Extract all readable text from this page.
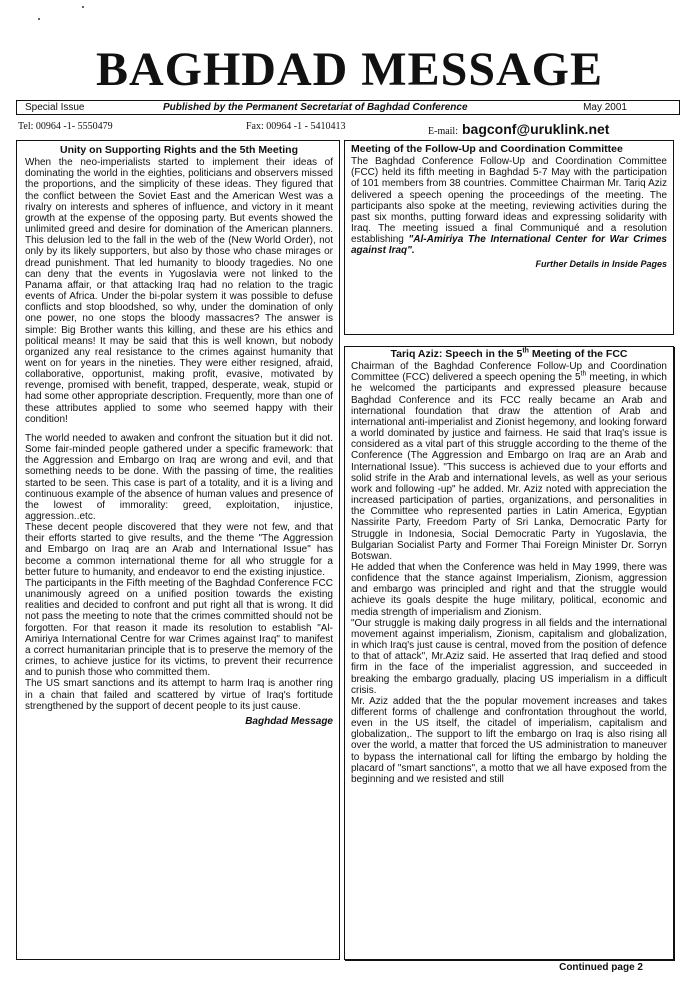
BAGHDAD MESSAGE
Special Issue	Published by the Permanent Secretariat of Baghdad Conference	May 2001
Tel: 00964 -1- 5550479	Fax: 00964 -1 - 5410413	E-mail: bagconf@uruklink.net
Unity on Supporting Rights and the 5th Meeting

When the neo-imperialists started to implement their ideas of dominating the world in the eighties, politicians and observers missed the proportions, and the simplicity of these ideas. They figured that the conflict between the Soviet East and the American West was a rivalry on interests and spheres of influence, and victory in it meant growth at the expense of the opposing party. But events showed the unlimited greed and desire for domination of the American planners. This delusion led to the fall in the web of the (New World Order), not only by its likely supporters, but also by those who chase mirages or dread punishment. That led humanity to bloody tragedies. No one can deny that the events in Yugoslavia were not linked to the Panama affair, or that attacking Iraq had no relation to the tragic events of Africa. Under the bi-polar system it was possible to defuse conflicts and stop bloodshed, so why, under the domination of only one power, no one stops the bloody massacres? The answer is simple: Big Brother wants this killing, and these are his ethics and political means! It may be said that this is well known, but nobody organized any real resistance to the crimes against humanity that went on for years in the nineties. They were either resigned, afraid, collaborative, opportunist, making profit, evasive, motivated by revenge, promised with benefit, trapped, desperate, weak, stupid or had some other appropriate description. Frequently, more than one of these attributes applied to some who seemed happy with their condition!

The world needed to awaken and confront the situation but it did not. Some fair-minded people gathered under a specific framework: that the Aggression and Embargo on Iraq are wrong and evil, and that something needs to be done. With the passing of time, the realities started to be seen. This case is part of a totality, and it is a living and continuous example of the absence of human values and presence of the lowest of immorality: greed, exploitation, injustice, aggression..etc.

These decent people discovered that they were not few, and that their efforts started to give results, and the theme "The Aggression and Embargo on Iraq are an Arab and International Issue" has become a common international theme for all who struggle for a better future to humanity, and endeavor to end the existing injustice.

The participants in the Fifth meeting of the Baghdad Conference FCC unanimously agreed on a unified position towards the existing realities and decided to confront and put right all that is wrong. It did not pass the meeting to note that the crimes committed should not be forgotten. For that reason it made its resolution to establish "Al-Amiriya International Centre for war Crimes against Iraq" to manifest a correct humanitarian principle that is to preserve the memory of the crimes, to achieve justice for its victims, to prevent their recurrence and to punish those who committed them.

The US smart sanctions and its attempt to harm Iraq is another ring in a chain that failed and scattered by virtue of Iraq's fortitude strengthened by the support of decent people to its just cause.

Baghdad Message
Meeting of the Follow-Up and Coordination Committee

The Baghdad Conference Follow-Up and Coordination Committee (FCC) held its fifth meeting in Baghdad 5-7 May with the participation of 101 members from 38 countries. Committee Chairman Mr. Tariq Aziz delivered a speech opening the proceedings of the meeting. The participants also spoke at the meeting, reviewing activities during the past six months, putting forward ideas and expressing solidarity with Iraq. The meeting issued a final Communiqué and a resolution establishing "Al-Amiriya The International Center for War Crimes against Iraq".

Further Details in Inside Pages
Tariq Aziz: Speech in the 5th Meeting of the FCC

Chairman of the Baghdad Conference Follow-Up and Coordination Committee (FCC) delivered a speech opening the 5th meeting, in which he welcomed the participants and expressed pleasure because Baghdad Conference and its FCC really became an Arab and international foundation that draw the attention of Arab and international anti-imperialist and Zionist hegemony, and looking forward a world dominated by justice and fairness. He said that Iraq's issue is considered as a vital part of this struggle according to the theme of the Conference (The Aggression and Embargo on Iraq are an Arab and International Issue). "This success is achieved due to your efforts and solid strife in the Arab and international levels, as well as your serious work and following -up" he added. Mr. Aziz noted with appreciation the increased participation of parties, organizations, and personalities in the Committee who represented parties in Latin America, Egyptian Nassirite Party, Freedom Party of Sri Lanka, Democratic Party for Struggle in Indonesia, Social Democratic Party in Yugoslavia, the Bulgarian Socialist Party and Former Thai Foreign Minister Dr. Sorryn Botswan.

He added that when the Conference was held in May 1999, there was confidence that the stance against Imperialism, Zionism, aggression and embargo was principled and right and that the struggle would achieve its goals despite the huge military, political, economic and media strength of imperialism and Zionism.

"Our struggle is making daily progress in all fields and the international movement against imperialism, Zionism, capitalism and globalization, in which Iraq's just cause is central, moved from the position of defence to that of attack", Mr.Aziz said. He asserted that Iraq defied and stood firm in the face of the imperialist aggression, and succeeded in breaking the embargo gradually, placing US imperialism in a difficult crisis.

Mr. Aziz added that the the popular movement increases and takes different forms of challenge and confrontation throughout the world, even in the US itself, the citadel of imperialism, capitalism and globalization,. The support to lift the embargo on Iraq is also rising all over the world, a matter that forced the US administration to maneuver to bypass the international call for lifting the embargo by holding the placard of "smart sanctions", a motto that we all have exposed from the beginning and we resisted and still

Continued page 2
